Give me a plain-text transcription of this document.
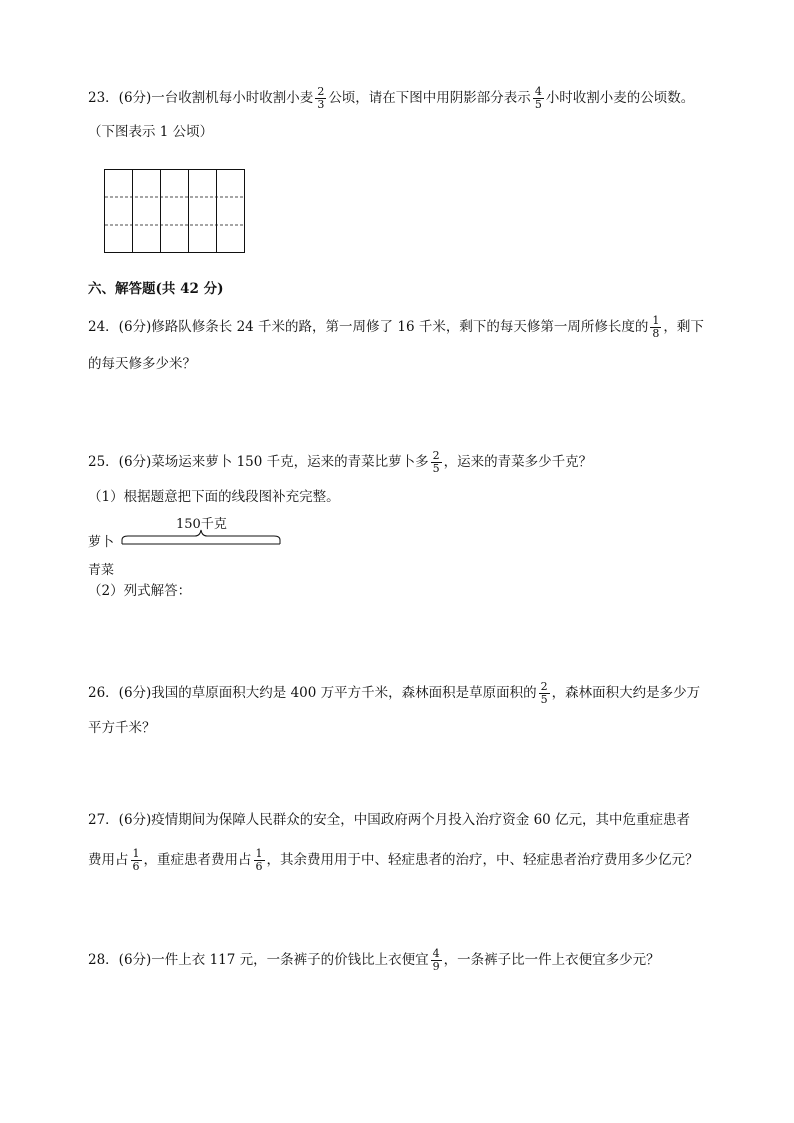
23．(6分)一台收割机每小时收割小麦 $\frac{2}{3}$ 公顷，请在下图中用阴影部分表示 $\frac{4}{5}$ 小时收割小麦的公顷数。
（下图表示 1 公顷）
六、解答题(共 42 分)
24．(6分)修路队修条长 24 千米的路，第一周修了 16 千米，剩下的每天修第一周所修长度的 $\frac{1}{8}$ ，剩下
的每天修多少米？
25．(6分)菜场运来萝卜 150 千克，运来的青菜比萝卜多 $\frac{2}{5}$ ，运来的青菜多少千克？
（1）根据题意把下面的线段图补充完整。
150千克
萝卜
青菜
（2）列式解答：
26．(6分)我国的草原面积大约是 400 万平方千米，森林面积是草原面积的 $\frac{2}{5}$ ，森林面积大约是多少万
平方千米？
27．(6分)疫情期间为保障人民群众的安全，中国政府两个月投入治疗资金 60 亿元，其中危重症患者
费用占 $\frac{1}{6}$ ，重症患者费用占 $\frac{1}{6}$ ，其余费用用于中、轻症患者的治疗，中、轻症患者治疗费用多少亿元？
28．(6分)一件上衣 117 元，一条裤子的价钱比上衣便宜 $\frac{4}{9}$ ，一条裤子比一件上衣便宜多少元？
